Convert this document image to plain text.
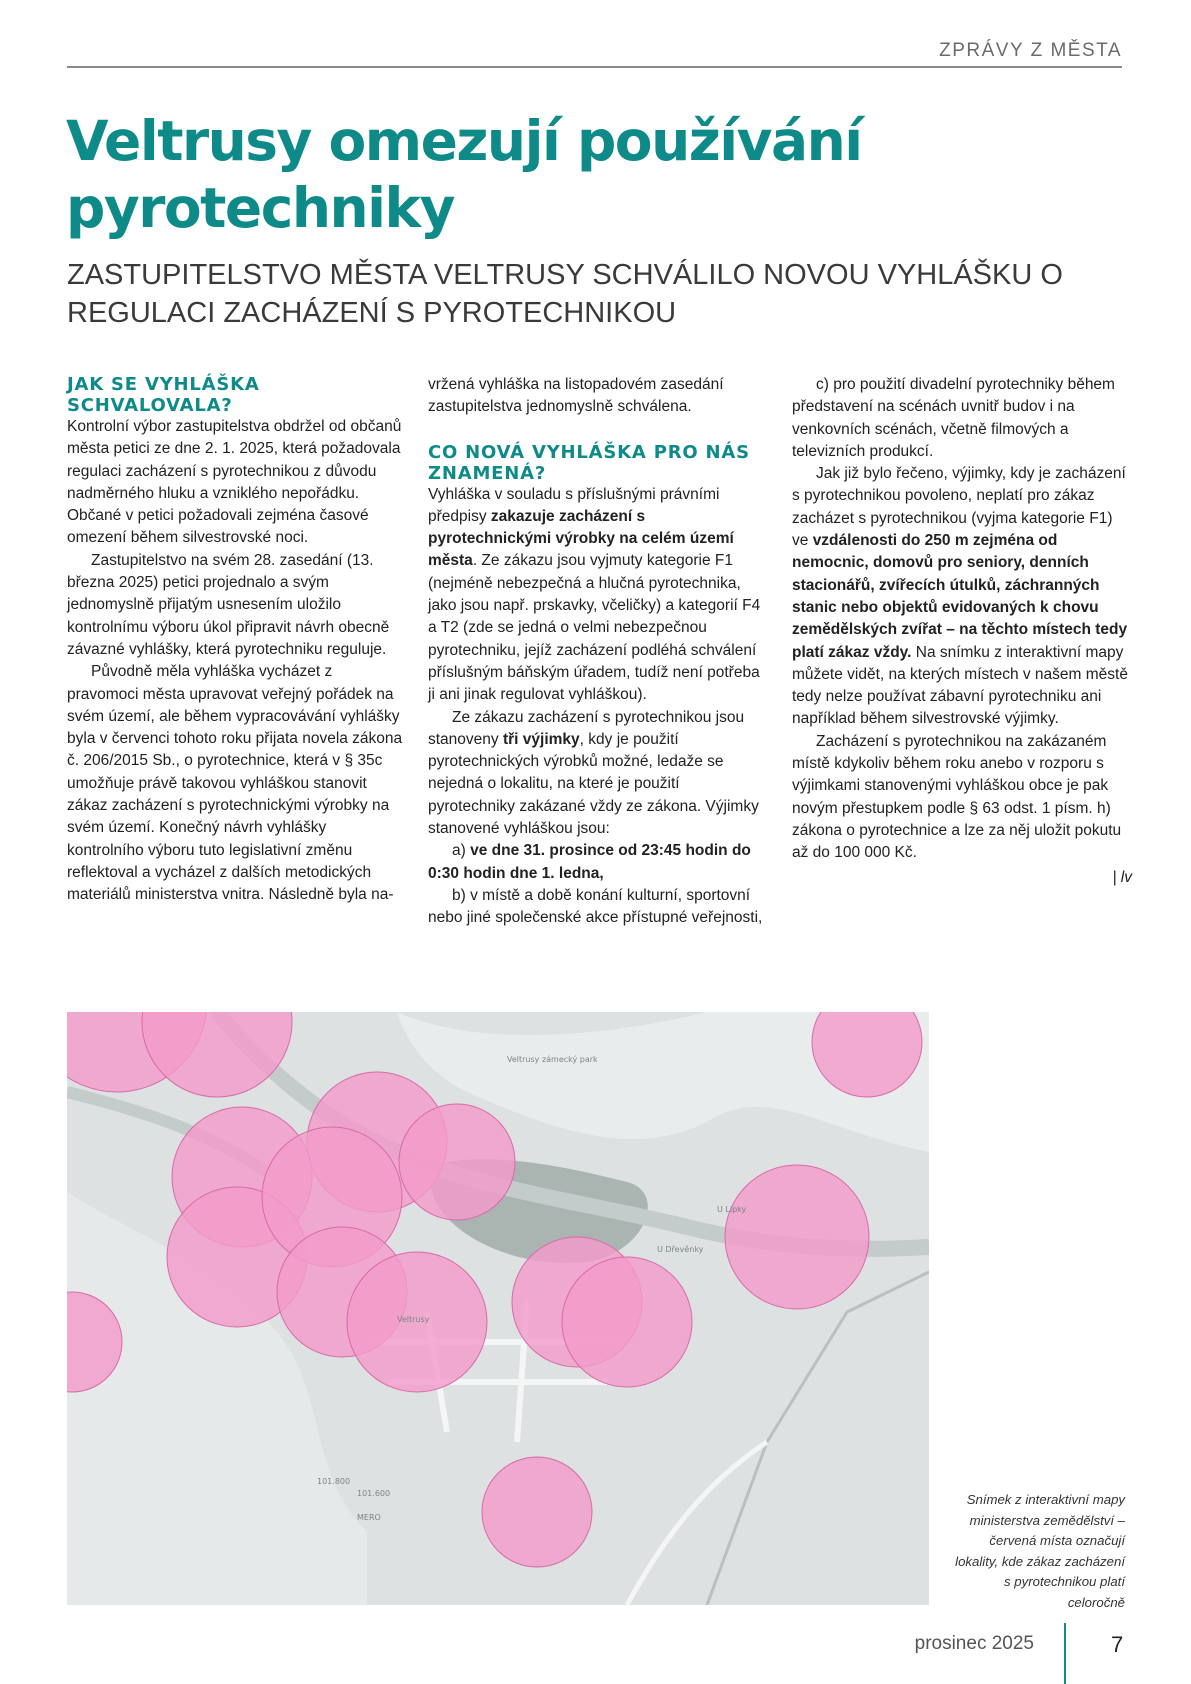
ZPRÁVY Z MĚSTA
Veltrusy omezují používání pyrotechniky
ZASTUPITELSTVO MĚSTA VELTRUSY SCHVÁLILO NOVOU VYHLÁŠKU O REGULACI ZACHÁZENÍ S PYROTECHNIKOU
JAK SE VYHLÁŠKA SCHVALOVALA?

Kontrolní výbor zastupitelstva obdržel od občanů města petici ze dne 2. 1. 2025, která požadovala regulaci zacházení s pyrotechnikou z důvodu nadměrného hluku a vzniklého nepořádku. Občané v petici požadovali zejména časové omezení během silvestrovské noci.

Zastupitelstvo na svém 28. zasedání (13. března 2025) petici projednalo a svým jednomyslně přijatým usnesením uložilo kontrolnímu výboru úkol připravit návrh obecně závazné vyhlášky, která pyrotechniku reguluje.

Původně měla vyhláška vycházet z pravomoci města upravovat veřejný pořádek na svém území, ale během vypracovávání vyhlášky byla v červenci tohoto roku přijata novela zákona č. 206/2015 Sb., o pyrotechnice, která v § 35c umožňuje právě takovou vyhláškou stanovit zákaz zacházení s pyrotechnickými výrobky na svém území. Konečný návrh vyhlášky kontrolního výboru tuto legislativní změnu reflektoval a vycházel z dalších metodických materiálů ministerstva vnitra. Následně byla na-

vržená vyhláška na listopadovém zasedání zastupitelstva jednomyslně schválena.

CO NOVÁ VYHLÁŠKA PRO NÁS ZNAMENÁ?

Vyhláška v souladu s příslušnými právními předpisy zakazuje zacházení s pyrotechnickými výrobky na celém území města. Ze zákazu jsou vyjmuty kategorie F1 (nejméně nebezpečná a hlučná pyrotechnika, jako jsou např. prskavky, včeličky) a kategorií F4 a T2 (zde se jedná o velmi nebezpečnou pyrotechniku, jejíž zacházení podléhá schválení příslušným báňským úřadem, tudíž není potřeba ji ani jinak regulovat vyhláškou).

Ze zákazu zacházení s pyrotechnikou jsou stanoveny tři výjimky, kdy je použití pyrotechnických výrobků možné, ledaže se nejedná o lokalitu, na které je použití pyrotechniky zakázané vždy ze zákona. Výjimky stanovené vyhláškou jsou:

a) ve dne 31. prosince od 23:45 hodin do 0:30 hodin dne 1. ledna,

b) v místě a době konání kulturní, sportovní nebo jiné společenské akce přístupné veřejnosti,

c) pro použití divadelní pyrotechniky během představení na scénách uvnitř budov i na venkovních scénách, včetně filmových a televizních produkcí.

Jak již bylo řečeno, výjimky, kdy je zacházení s pyrotechnikou povoleno, neplatí pro zákaz zacházet s pyrotechnikou (vyjma kategorie F1) ve vzdálenosti do 250 m zejména od nemocnic, domovů pro seniory, denních stacionářů, zvířecích útulků, záchranných stanic nebo objektů evidovaných k chovu zemědělských zvířat – na těchto místech tedy platí zákaz vždy. Na snímku z interaktivní mapy můžete vidět, na kterých místech v našem městě tedy nelze používat zábavní pyrotechniku ani například během silvestrovské výjimky.

Zacházení s pyrotechnikou na zakázaném místě kdykoliv během roku anebo v rozporu s výjimkami stanovenými vyhláškou obce je pak novým přestupkem podle § 63 odst. 1 písm. h) zákona o pyrotechnice a lze za něj uložit pokutu až do 100 000 Kč.

| lv
Veltrusy zámecký park
Veltrusy
MERO
101.800
101.600
U Lipky
U Dřevěnky
Snímek z interaktivní mapy ministerstva zemědělství – červená místa označují lokality, kde zákaz zacházení s pyrotechnikou platí celoročně
prosinec 2025	7
